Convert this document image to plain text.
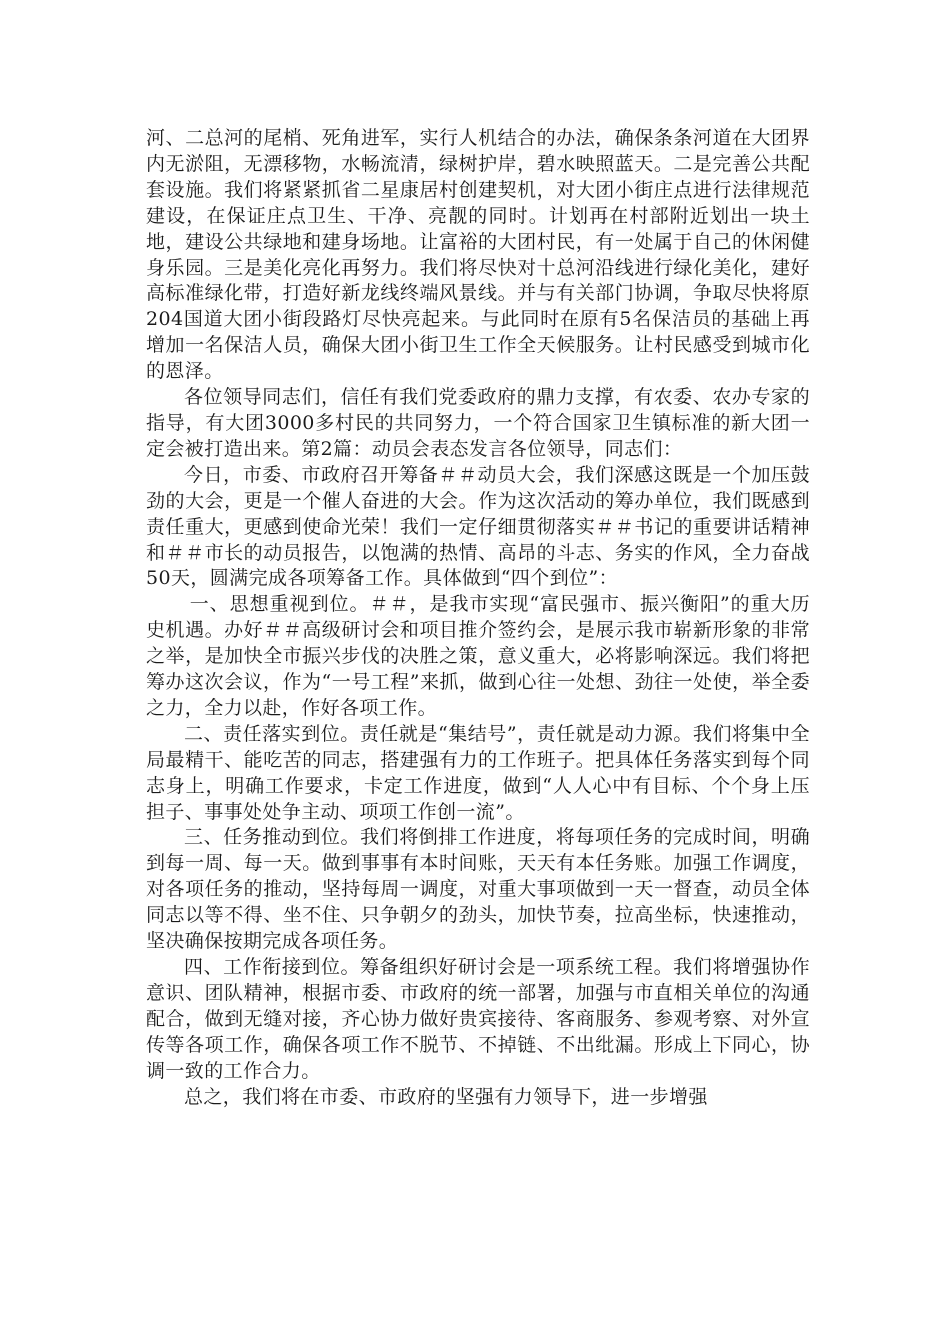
河、二总河的尾梢、死角进军，实行人机结合的办法，确保条条河道在大团界内无淤阻，无漂移物，水畅流清，绿树护岸，碧水映照蓝天。二是完善公共配套设施。我们将紧紧抓省二星康居村创建契机，对大团小街庄点进行法律规范建设，在保证庄点卫生、干净、亮靓的同时。计划再在村部附近划出一块土地，建设公共绿地和建身场地。让富裕的大团村民，有一处属于自己的休闲健身乐园。三是美化亮化再努力。我们将尽快对十总河沿线进行绿化美化，建好高标准绿化带，打造好新龙线终端风景线。并与有关部门协调，争取尽快将原204国道大团小街段路灯尽快亮起来。与此同时在原有5名保洁员的基础上再增加一名保洁人员，确保大团小街卫生工作全天候服务。让村民感受到城市化的恩泽。

各位领导同志们，信任有我们党委政府的鼎力支撑，有农委、农办专家的指导，有大团3000多村民的共同努力，一个符合国家卫生镇标准的新大团一定会被打造出来。第2篇：动员会表态发言各位领导，同志们：

今日，市委、市政府召开筹备＃＃动员大会，我们深感这既是一个加压鼓劲的大会，更是一个催人奋进的大会。作为这次活动的筹办单位，我们既感到责任重大，更感到使命光荣！我们一定仔细贯彻落实＃＃书记的重要讲话精神和＃＃市长的动员报告，以饱满的热情、高昂的斗志、务实的作风，全力奋战50天，圆满完成各项筹备工作。具体做到“四个到位”：

一、思想重视到位。＃＃，是我市实现“富民强市、振兴衡阳”的重大历史机遇。办好＃＃高级研讨会和项目推介签约会，是展示我市崭新形象的非常之举，是加快全市振兴步伐的决胜之策，意义重大，必将影响深远。我们将把筹办这次会议，作为“一号工程”来抓，做到心往一处想、劲往一处使，举全委之力，全力以赴，作好各项工作。

二、责任落实到位。责任就是“集结号”，责任就是动力源。我们将集中全局最精干、能吃苦的同志，搭建强有力的工作班子。把具体任务落实到每个同志身上，明确工作要求，卡定工作进度，做到“人人心中有目标、个个身上压担子、事事处处争主动、项项工作创一流”。

三、任务推动到位。我们将倒排工作进度，将每项任务的完成时间，明确到每一周、每一天。做到事事有本时间账，天天有本任务账。加强工作调度，对各项任务的推动，坚持每周一调度，对重大事项做到一天一督查，动员全体同志以等不得、坐不住、只争朝夕的劲头，加快节奏，拉高坐标，快速推动，坚决确保按期完成各项任务。

四、工作衔接到位。筹备组织好研讨会是一项系统工程。我们将增强协作意识、团队精神，根据市委、市政府的统一部署，加强与市直相关单位的沟通配合，做到无缝对接，齐心协力做好贵宾接待、客商服务、参观考察、对外宣传等各项工作，确保各项工作不脱节、不掉链、不出纰漏。形成上下同心，协调一致的工作合力。

总之，我们将在市委、市政府的坚强有力领导下，进一步增强
